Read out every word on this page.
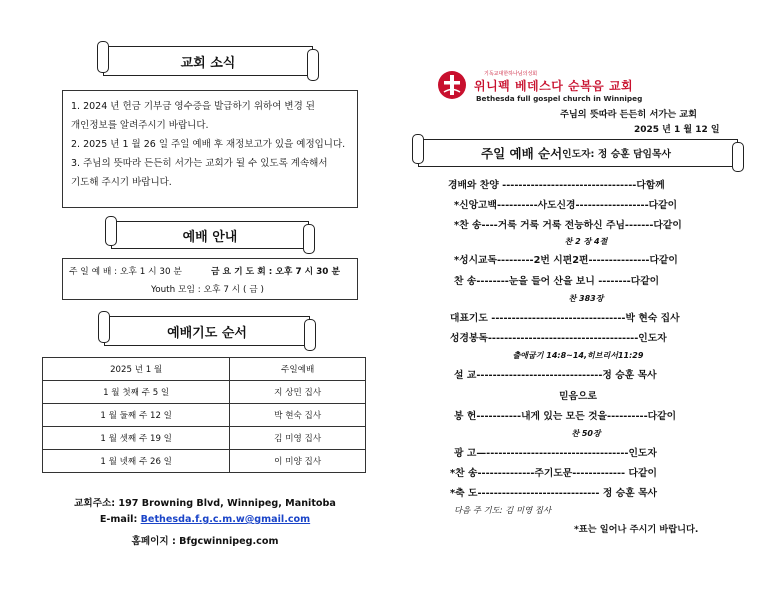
교회 소식

1. 2024 년 헌금 기부금 영수증을 발급하기 위하여 변경 된

개인정보를 알려주시기 바랍니다.

2. 2025 년 1 월 26 일 주일 예배 후 재정보고가 있을 예정입니다.

3. 주님의 뜻따라 든든히 서가는 교회가 될 수 있도록 계속해서

기도해 주시기 바랍니다.

예배 안내
주 일 예 배 : 오후 1 시 30 분	금 요 기 도 회 : 오후 7 시 30 분
Youth 모임 : 오후 7 시 ( 금 )
예배기도 순서
2025 년 1 월	주일예배
1 월 첫째 주 5 일	지 상민 집사
1 월 둘째 주 12 일	박 현숙 집사
1 월 셋째 주 19 일	김 미영 집사
1 월 넷째 주 26 일	이 미양 집사
교회주소: 197 Browning Blvd, Winnipeg, Manitoba
E-mail: Bethesda.f.g.c.m.w@gmail.com
홈페이지 : Bfgcwinnipeg.com
기독교대한하나님의성회
위니펙 베데스다 순복음 교회
Bethesda full gospel church in Winnipeg
주님의 뜻따라 든든히 서가는 교회
2025 년 1 월 12 일
주일 예배 순서 인도자: 정 승훈 담임목사
경배와 찬양 ---------------------------------다함께
*신앙고백----------사도신경------------------다같이
*찬 송----거룩 거룩 거룩 전능하신 주님-------다같이
찬 2 장 4절
*성시교독---------2번 시편2편---------------다같이
찬 송--------눈을 들어 산을 보니 --------다같이
찬 383장
대표기도 ---------------------------------박 현숙 집사
성경봉독-------------------------------------인도자
출애굽기 14:8~14,히브리서11:29
설 교-------------------------------정 승훈 목사
믿음으로
봉 헌-----------내게 있는 모든 것을----------다같이
찬 50장
광 고—-----------------------------------인도자
*찬 송--------------주기도문------------- 다같이
*축 도------------------------------ 정 승훈 목사
다음 주 기도: 김 미영 집사
*표는 일어나 주시기 바랍니다.
